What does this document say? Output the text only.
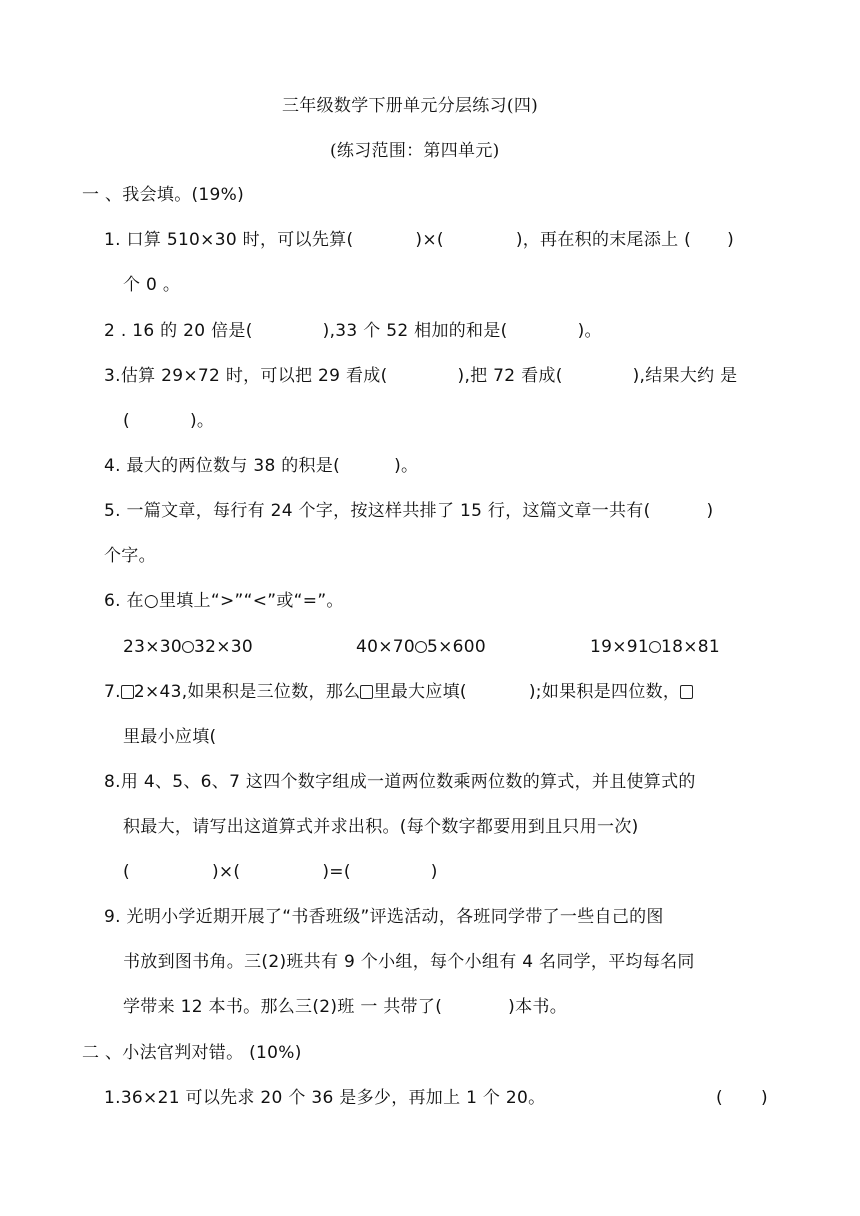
三年级数学下册单元分层练习(四)
(练习范围：第四单元)
一 、我会填。(19%)
1. 口算 510×30 时，可以先算(	)×(	)，再在积的末尾添上 ( )
个 0 。
2 . 16 的 20 倍是(	),33 个 52 相加的和是(	)。
3.估算 29×72 时，可以把 29 看成(	),把 72 看成(	),结果大约 是
(	)。
4. 最大的两位数与 38 的积是(	)。
5. 一篇文章，每行有 24 个字，按这样共排了 15 行，这篇文章一共有(	)
个字。
6. 在○里填上“>”“<”或“=”。
23×30 32×30	40×70 5×600	19×91 18×81
7. 2×43,如果积是三位数，那么 里最大应填(	);如果积是四位数，
里最小应填(
8.用 4、5、6、7 这四个数字组成一道两位数乘两位数的算式，并且使算式的
积最大，请写出这道算式并求出积。(每个数字都要用到且只用一次)
(	)×(	)=(	)
9. 光明小学近期开展了“书香班级”评选活动，各班同学带了一些自己的图
书放到图书角。三(2)班共有 9 个小组，每个小组有 4 名同学，平均每名同
学带来 12 本书。那么三(2)班 一 共带了(	)本书。
二 、小法官判对错。 (10%)
1.36×21 可以先求 20 个 36 是多少，再加上 1 个 20。	( )
